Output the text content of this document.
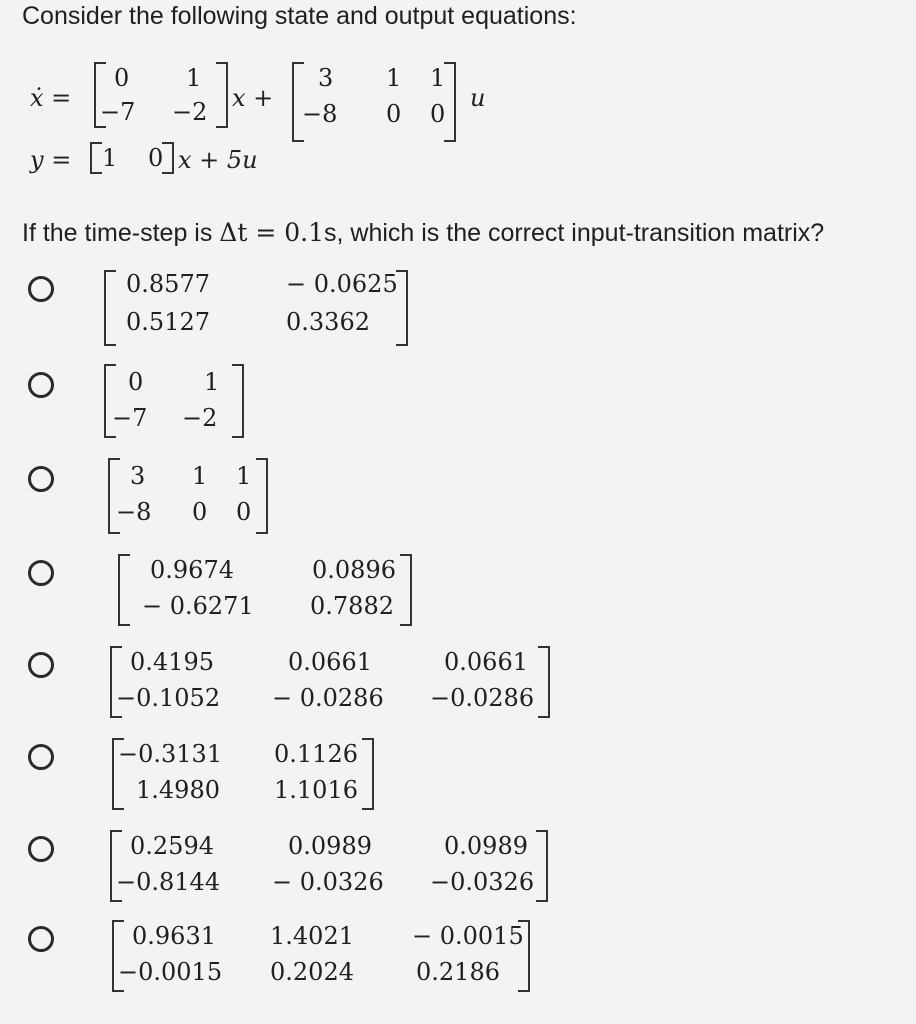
Consider the following state and output equations:
ẋ =
0 1
−7 −2 x +
3 1 1
−8 0 0
u
y = 1 0 x + 5u
If the time-step is Δt = 0.1s, which is the correct input-transition matrix?
0.8577	− 0.0625
0.5127	0.3362
0	1
−7 −2
3 1 1
−8 0 0
0.9674	0.0896
− 0.6271 0.7882
0.4195	0.0661	0.0661
−0.1052 − 0.0286 −0.0286
−0.3131 0.1126
1.4980 1.1016
0.2594	0.0989	0.0989
−0.8144 − 0.0326 −0.0326
0.9631 1.4021 − 0.0015
−0.0015 0.2024	0.2186
